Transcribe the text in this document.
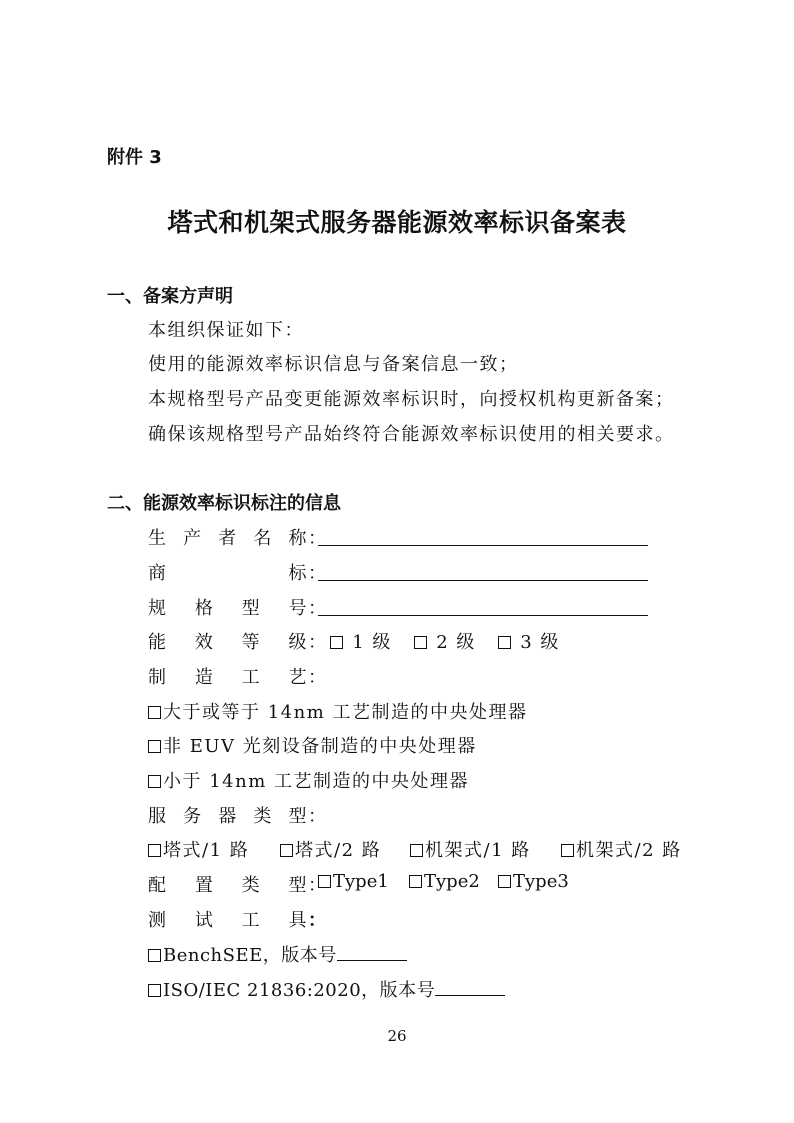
附件 3
塔式和机架式服务器能源效率标识备案表
一、备案方声明
本组织保证如下：
使用的能源效率标识信息与备案信息一致；
本规格型号产品变更能源效率标识时，向授权机构更新备案；
确保该规格型号产品始终符合能源效率标识使用的相关要求。
二、能源效率标识标注的信息
生 产 者 名 称 ：
商	标 ：
规 格 型 号 ：
能 效 等 级 ：	1 级	2 级	3 级
制 造 工 艺 ：
大于或等于 14nm 工艺制造的中央处理器
非 EUV 光刻设备制造的中央处理器
小于 14nm 工艺制造的中央处理器
服 务 器 类 型 ：
塔式/1 路	塔式/2 路	机架式/1 路	机架式/2 路
配 置 类 型 ： Type1	Type2	Type3
测 试 工 具 ：
BenchSEE，版本号
ISO/IEC 21836:2020，版本号
26
